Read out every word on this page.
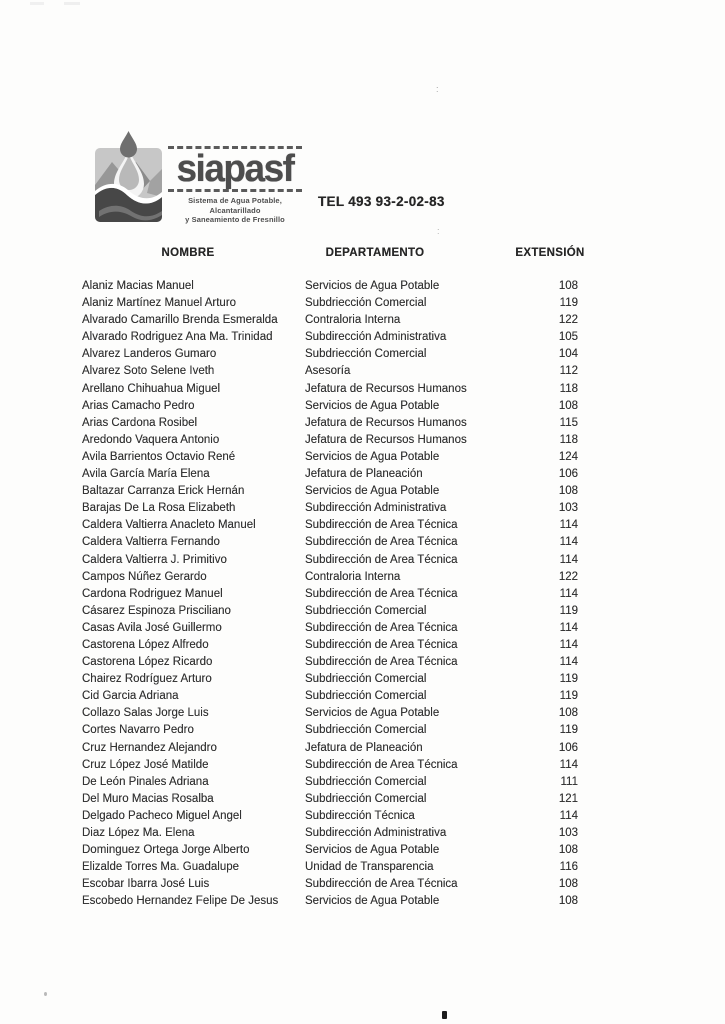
siapasf
Sistema de Agua Potable, Alcantarillado
y Saneamiento de Fresnillo
TEL 493 93-2-02-83
NOMBRE	DEPARTAMENTO	EXTENSIÓN
Alaniz Macias Manuel	Servicios de Agua Potable	108
Alaniz Martínez Manuel Arturo	Subdriección Comercial	119
Alvarado Camarillo Brenda Esmeralda	Contraloria Interna	122
Alvarado Rodriguez Ana Ma. Trinidad	Subdirección Administrativa	105
Alvarez Landeros Gumaro	Subdriección Comercial	104
Alvarez Soto Selene Iveth	Asesoría	112
Arellano Chihuahua Miguel	Jefatura de Recursos Humanos	118
Arias Camacho Pedro	Servicios de Agua Potable	108
Arias Cardona Rosibel	Jefatura de Recursos Humanos	115
Aredondo Vaquera Antonio	Jefatura de Recursos Humanos	118
Avila Barrientos Octavio René	Servicios de Agua Potable	124
Avila García María Elena	Jefatura de Planeación	106
Baltazar Carranza Erick Hernán	Servicios de Agua Potable	108
Barajas De La Rosa Elizabeth	Subdirección Administrativa	103
Caldera Valtierra Anacleto Manuel	Subdirección de Area Técnica	114
Caldera Valtierra Fernando	Subdirección de Area Técnica	114
Caldera Valtierra J. Primitivo	Subdirección de Area Técnica	114
Campos Núñez Gerardo	Contraloria Interna	122
Cardona Rodriguez Manuel	Subdirección de Area Técnica	114
Cásarez Espinoza Prisciliano	Subdriección Comercial	119
Casas Avila José Guillermo	Subdirección de Area Técnica	114
Castorena López Alfredo	Subdirección de Area Técnica	114
Castorena López Ricardo	Subdirección de Area Técnica	114
Chairez Rodríguez Arturo	Subdriección Comercial	119
Cid Garcia Adriana	Subdriección Comercial	119
Collazo Salas Jorge Luis	Servicios de Agua Potable	108
Cortes Navarro Pedro	Subdriección Comercial	119
Cruz Hernandez Alejandro	Jefatura de Planeación	106
Cruz López José Matilde	Subdirección de Area Técnica	114
De León Pinales Adriana	Subdriección Comercial	111
Del Muro Macias Rosalba	Subdriección Comercial	121
Delgado Pacheco Miguel Angel	Subdirección Técnica	114
Diaz López Ma. Elena	Subdirección Administrativa	103
Dominguez Ortega Jorge Alberto	Servicios de Agua Potable	108
Elizalde Torres Ma. Guadalupe	Unidad de Transparencia	116
Escobar Ibarra José Luis	Subdirección de Area Técnica	108
Escobedo Hernandez Felipe De Jesus	Servicios de Agua Potable	108
:
:
